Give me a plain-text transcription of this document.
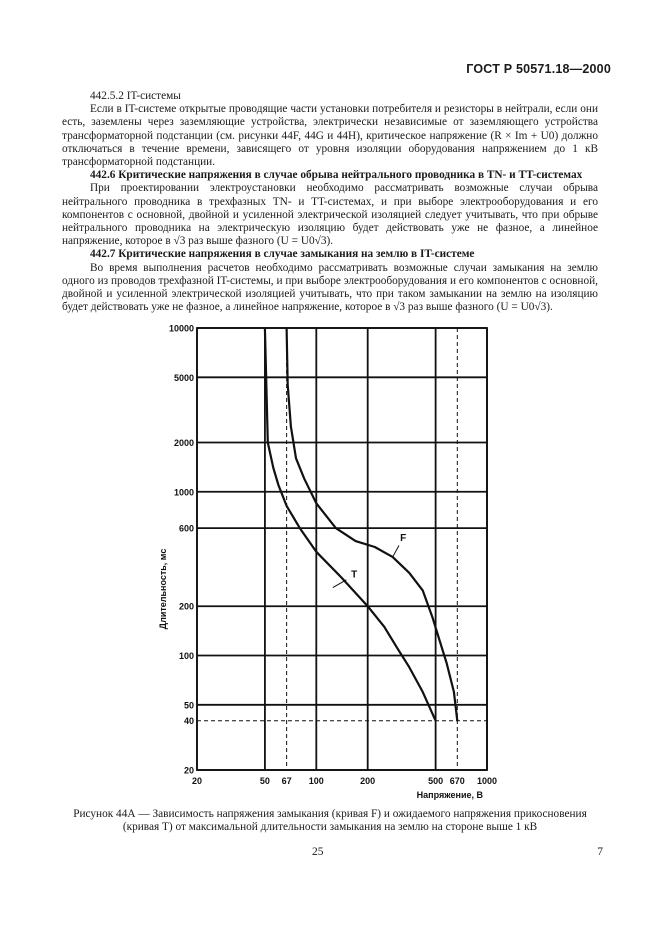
ГОСТ Р 50571.18—2000

442.5.2 IT-системы

Если в IT-системе открытые проводящие части установки потребителя и резисторы в нейтрали, если они есть, заземлены через заземляющие устройства, электрически независимые от заземляющего устройства трансформаторной подстанции (см. рисунки 44F, 44G и 44H), критическое напряжение (R × Im + U0) должно отключаться в течение времени, зависящего от уровня изоляции оборудования напряжением до 1 кВ трансформаторной подстанции.

442.6 Критические напряжения в случае обрыва нейтрального проводника в TN- и TT-системах

При проектировании электроустановки необходимо рассматривать возможные случаи обрыва нейтрального проводника в трехфазных TN- и TT-системах, и при выборе электрооборудования и его компонентов с основной, двойной и усиленной электрической изоляцией следует учитывать, что при обрыве нейтрального проводника на электрическую изоляцию будет действовать уже не фазное, а линейное напряжение, которое в √3 раз выше фазного (U = U0√3).

442.7 Критические напряжения в случае замыкания на землю в IT-системе

Во время выполнения расчетов необходимо рассматривать возможные случаи замыкания на землю одного из проводов трехфазной IT-системы, и при выборе электрооборудования и его компонентов с основной, двойной и усиленной электрической изоляцией учитывать, что при таком замыкании на землю на изоляцию будет действовать уже не фазное, а линейное напряжение, которое в √3 раз выше фазного (U = U0√3).

20	50 67 100	200	500 670 1000
20
40
50
100
200
600
1000
2000
5000
10000
T
F
Напряжение, В
Длительность, мс
Рисунок 44А — Зависимость напряжения замыкания (кривая F) и ожидаемого напряжения прикосновения (кривая T) от максимальной длительности замыкания на землю на стороне выше 1 кВ
25	7
